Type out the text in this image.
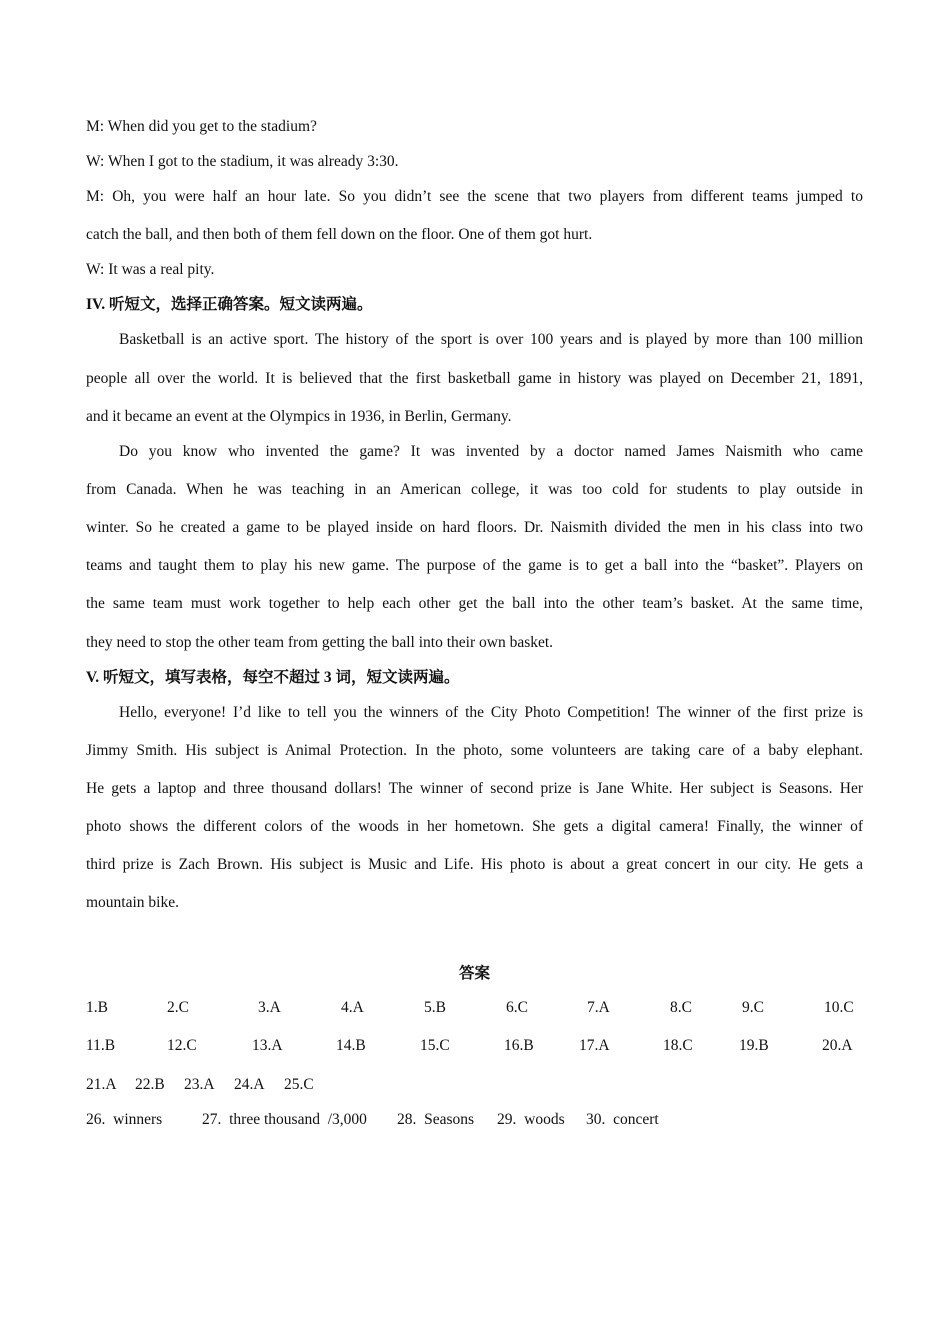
M: When did you get to the stadium?
W: When I got to the stadium, it was already 3:30.
M: Oh, you were half an hour late. So you didn’t see the scene that two players from different teams jumped to
catch the ball, and then both of them fell down on the floor. One of them got hurt.
W: It was a real pity.
IV. 听短文，选择正确答案。短文读两遍。
Basketball is an active sport. The history of the sport is over 100 years and is played by more than 100 million
people all over the world. It is believed that the first basketball game in history was played on December 21, 1891,
and it became an event at the Olympics in 1936, in Berlin, Germany.
Do you know who invented the game? It was invented by a doctor named James Naismith who came
from Canada. When he was teaching in an American college, it was too cold for students to play outside in
winter. So he created a game to be played inside on hard floors. Dr. Naismith divided the men in his class into two
teams and taught them to play his new game. The purpose of the game is to get a ball into the “basket”. Players on
the same team must work together to help each other get the ball into the other team’s basket. At the same time,
they need to stop the other team from getting the ball into their own basket.
V. 听短文，填写表格，每空不超过 3 词，短文读两遍。
Hello, everyone! I’d like to tell you the winners of the City Photo Competition! The winner of the first prize is
Jimmy Smith. His subject is Animal Protection. In the photo, some volunteers are taking care of a baby elephant.
He gets a laptop and three thousand dollars! The winner of second prize is Jane White. Her subject is Seasons. Her
photo shows the different colors of the woods in her hometown. She gets a digital camera! Finally, the winner of
third prize is Zach Brown. His subject is Music and Life. His photo is about a great concert in our city. He gets a
mountain bike.
答案
1.B	2.C	3.A	4.A	5.B	6.C	7.A	8.C	9.C	10.C
11.B	12.C	13.A	14.B	15.C	16.B	17.A	18.C	19.B	20.A
21.A 22.B 23.A 24.A 25.C
26.  winners	27.  three thousand  /3,000 28.  Seasons 29.  woods 30.  concert
